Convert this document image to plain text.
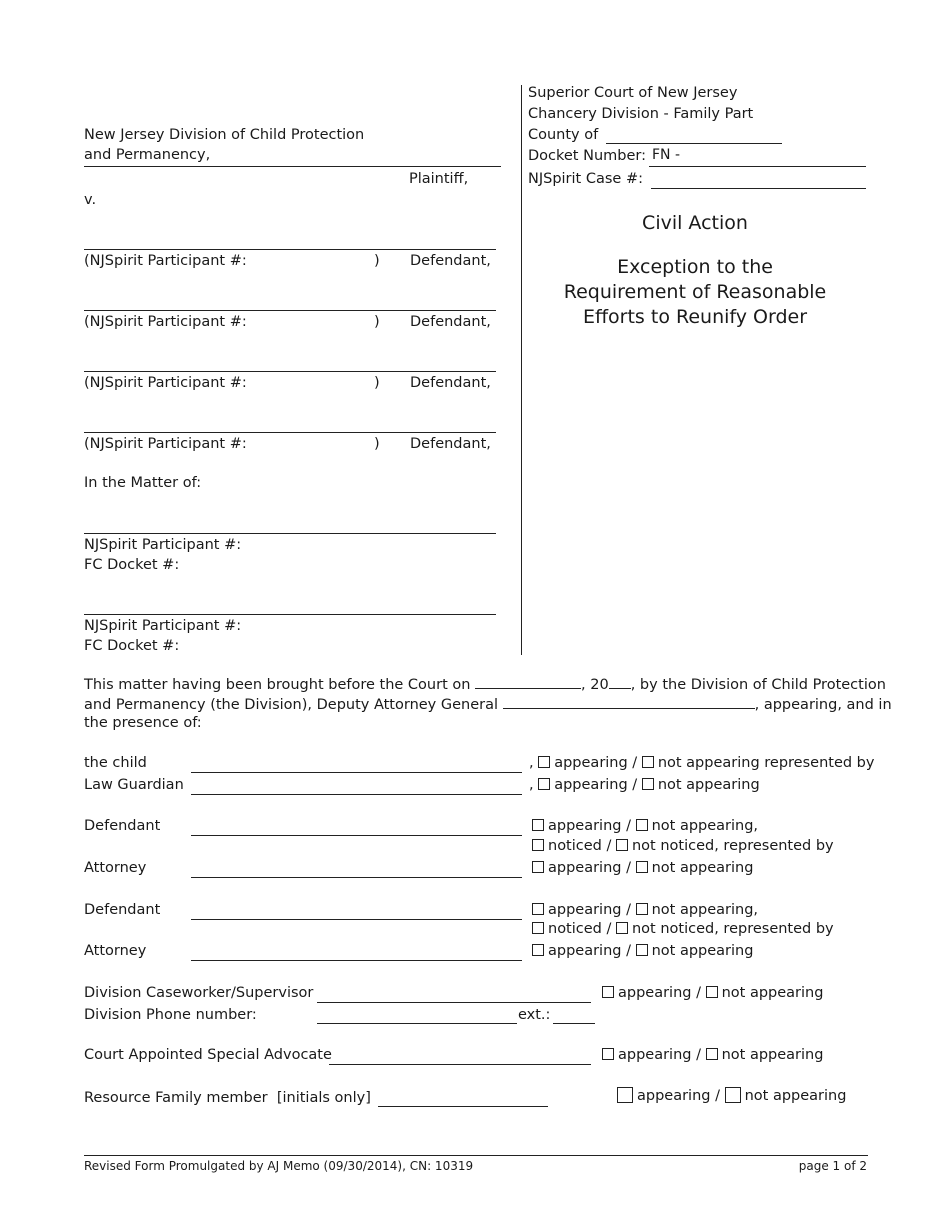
Superior Court of New Jersey
Chancery Division - Family Part
County of
Docket Number: FN -
NJSpirit Case #:
Civil Action
Exception to the
Requirement of Reasonable
Efforts to Reunify Order
New Jersey Division of Child Protection
and Permanency,
Plaintiff,
v.
(NJSpirit Participant #:	) Defendant,
(NJSpirit Participant #:	) Defendant,
(NJSpirit Participant #:	) Defendant,
(NJSpirit Participant #:	) Defendant,
In the Matter of:
NJSpirit Participant #:
FC Docket #:
NJSpirit Participant #:
FC Docket #:
This matter having been brought before the Court on	, 20 , by the Division of Child Protection
and Permanency (the Division), Deputy Attorney General	, appearing, and in
the presence of:
the child	, appearing / not appearing represented by
Law Guardian	, appearing / not appearing
Defendant	appearing / not appearing,
noticed / not noticed, represented by
Attorney	appearing / not appearing
Defendant	appearing / not appearing,
noticed / not noticed, represented by
Attorney	appearing / not appearing
Division Caseworker/Supervisor	appearing / not appearing
Division Phone number:	ext.:
Court Appointed Special Advocate	appearing / not appearing
Resource Family member  [initials only]	appearing / not appearing
Revised Form Promulgated by AJ Memo (09/30/2014), CN: 10319	page 1 of 2
